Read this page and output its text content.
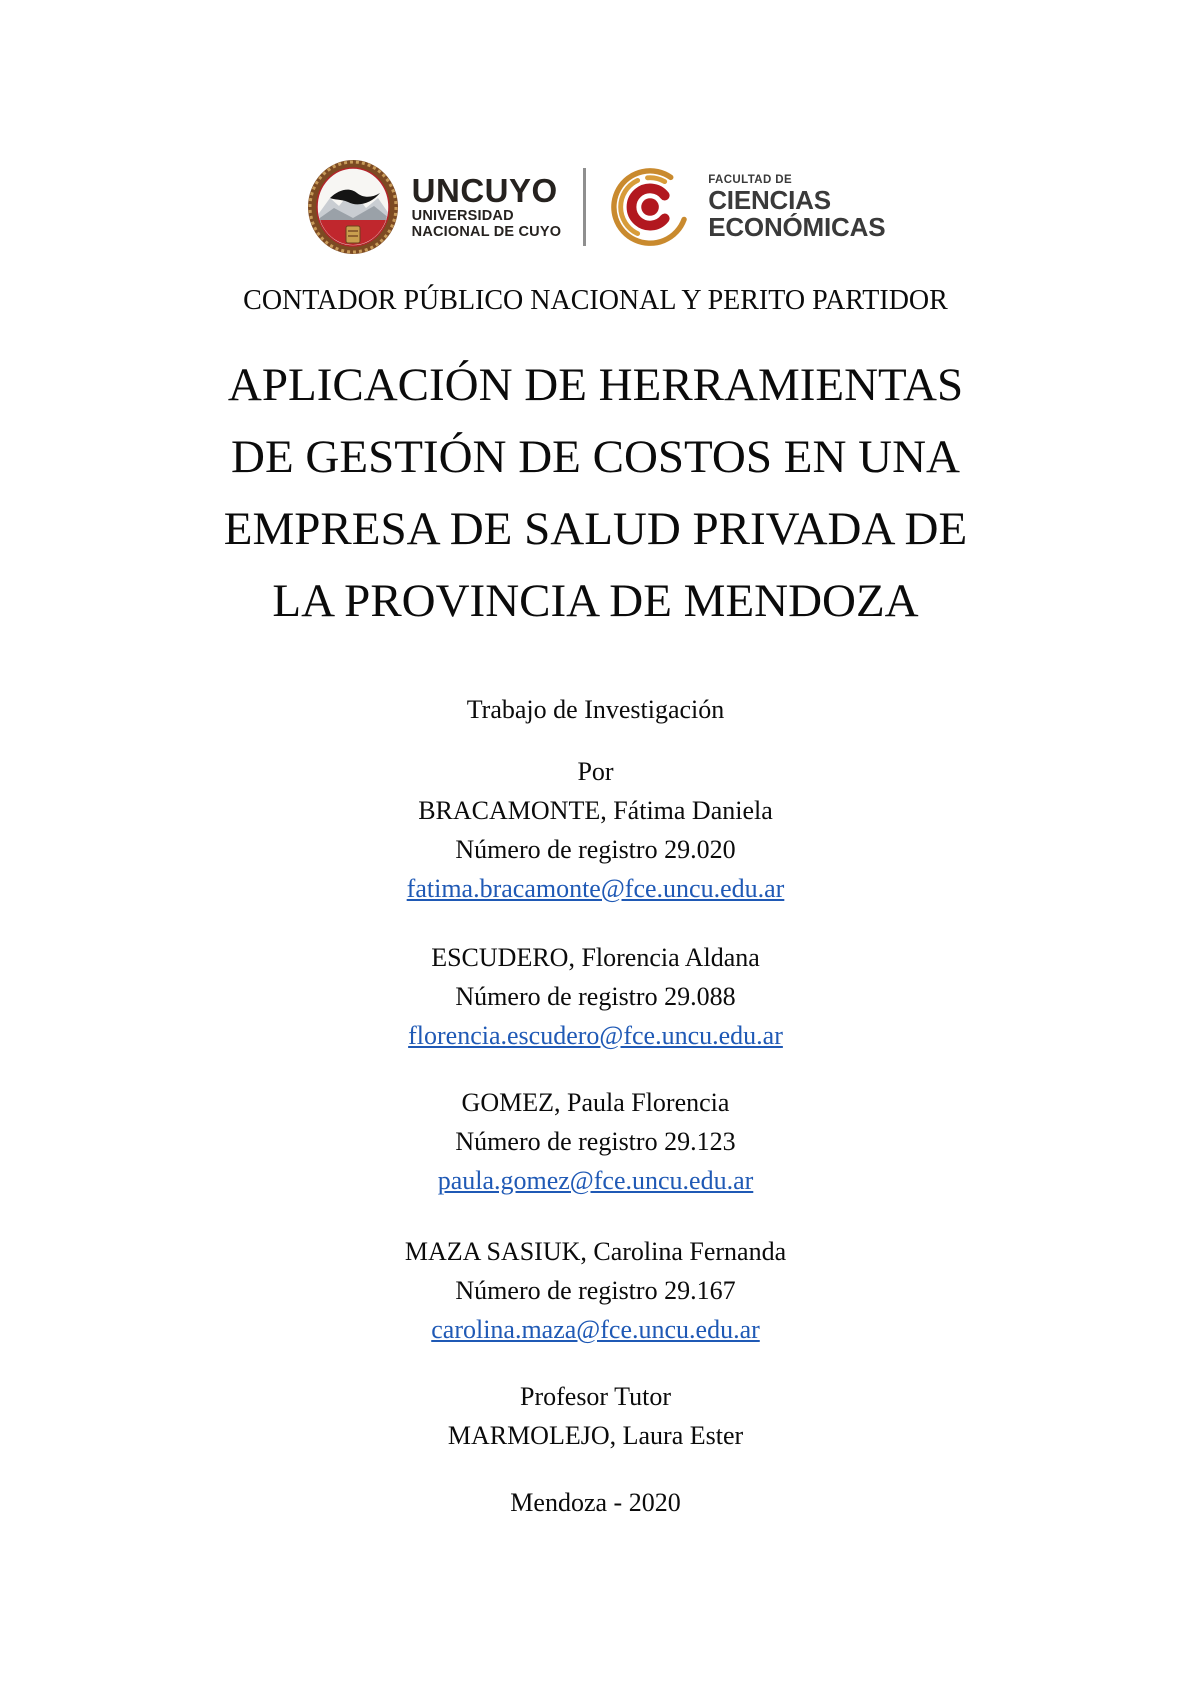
UNCUYO
UNIVERSIDAD
NACIONAL DE CUYO
FACULTAD DE
CIENCIAS
ECONÓMICAS
CONTADOR PÚBLICO NACIONAL Y PERITO PARTIDOR
APLICACIÓN DE HERRAMIENTAS
DE GESTIÓN DE COSTOS EN UNA
EMPRESA DE SALUD PRIVADA DE
LA PROVINCIA DE MENDOZA
Trabajo de Investigación
Por
BRACAMONTE, Fátima Daniela
Número de registro 29.020
fatima.bracamonte@fce.uncu.edu.ar
ESCUDERO, Florencia Aldana
Número de registro 29.088
florencia.escudero@fce.uncu.edu.ar
GOMEZ, Paula Florencia
Número de registro 29.123
paula.gomez@fce.uncu.edu.ar
MAZA SASIUK, Carolina Fernanda
Número de registro 29.167
carolina.maza@fce.uncu.edu.ar
Profesor Tutor
MARMOLEJO, Laura Ester
Mendoza - 2020
